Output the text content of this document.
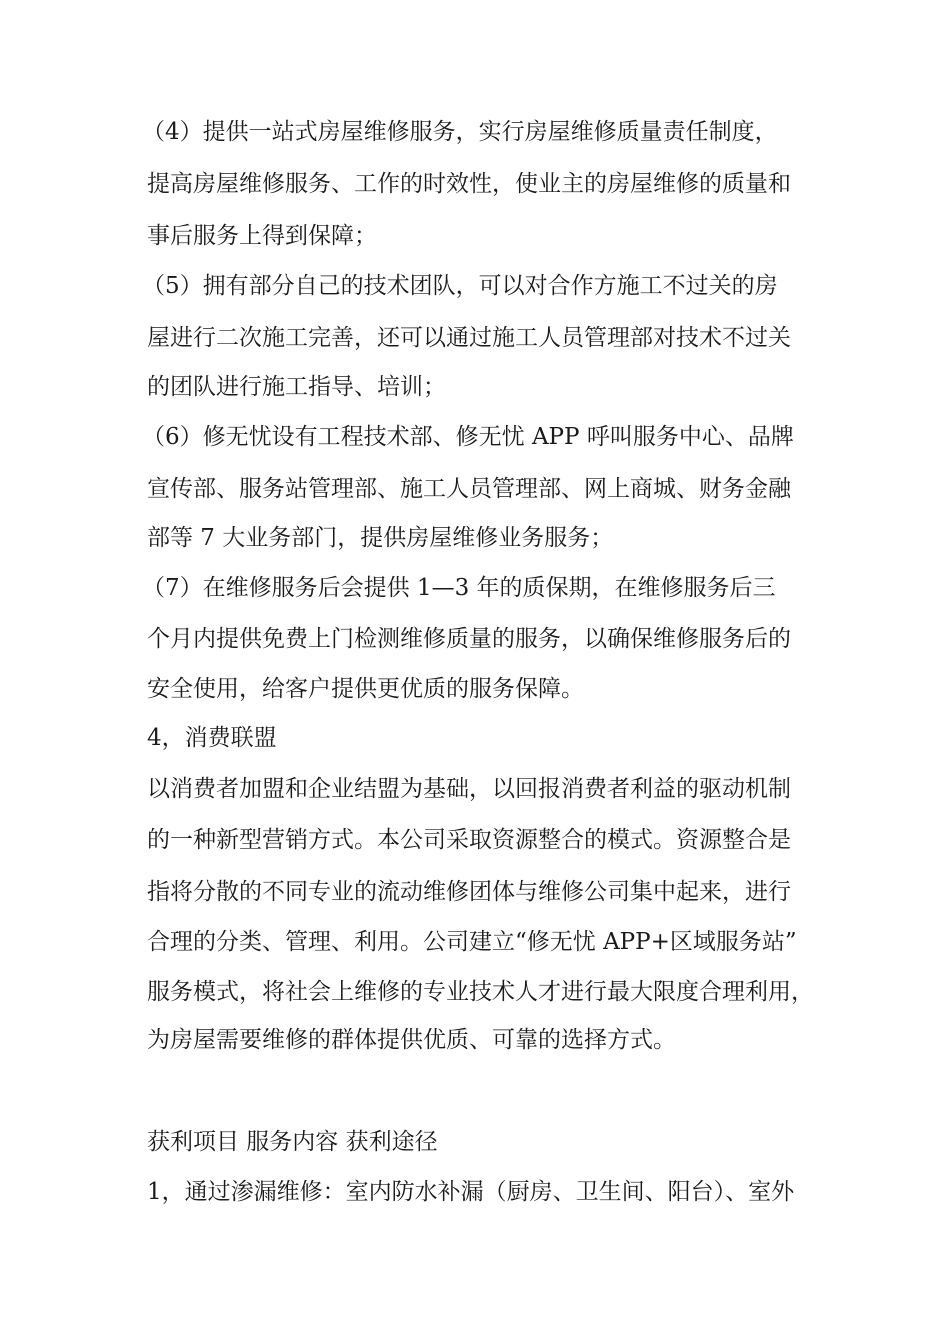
（4）提供一站式房屋维修服务，实行房屋维修质量责任制度，

提高房屋维修服务、工作的时效性，使业主的房屋维修的质量和

事后服务上得到保障；

（5）拥有部分自己的技术团队，可以对合作方施工不过关的房

屋进行二次施工完善，还可以通过施工人员管理部对技术不过关

的团队进行施工指导、培训；

（6）修无忧设有工程技术部、修无忧 APP 呼叫服务中心、品牌

宣传部、服务站管理部、施工人员管理部、网上商城、财务金融

部等 7 大业务部门，提供房屋维修业务服务；

（7）在维修服务后会提供 1—3 年的质保期，在维修服务后三

个月内提供免费上门检测维修质量的服务，以确保维修服务后的

安全使用，给客户提供更优质的服务保障。

4，消费联盟

以消费者加盟和企业结盟为基础，以回报消费者利益的驱动机制

的一种新型营销方式。本公司采取资源整合的模式。资源整合是

指将分散的不同专业的流动维修团体与维修公司集中起来，进行

合理的分类、管理、利用。公司建立“修无忧 APP+区域服务站”

服务模式，将社会上维修的专业技术人才进行最大限度合理利用，

为房屋需要维修的群体提供优质、可靠的选择方式。

获利项目 服务内容 获利途径

1，通过渗漏维修：室内防水补漏（厨房、卫生间、阳台）、室外
